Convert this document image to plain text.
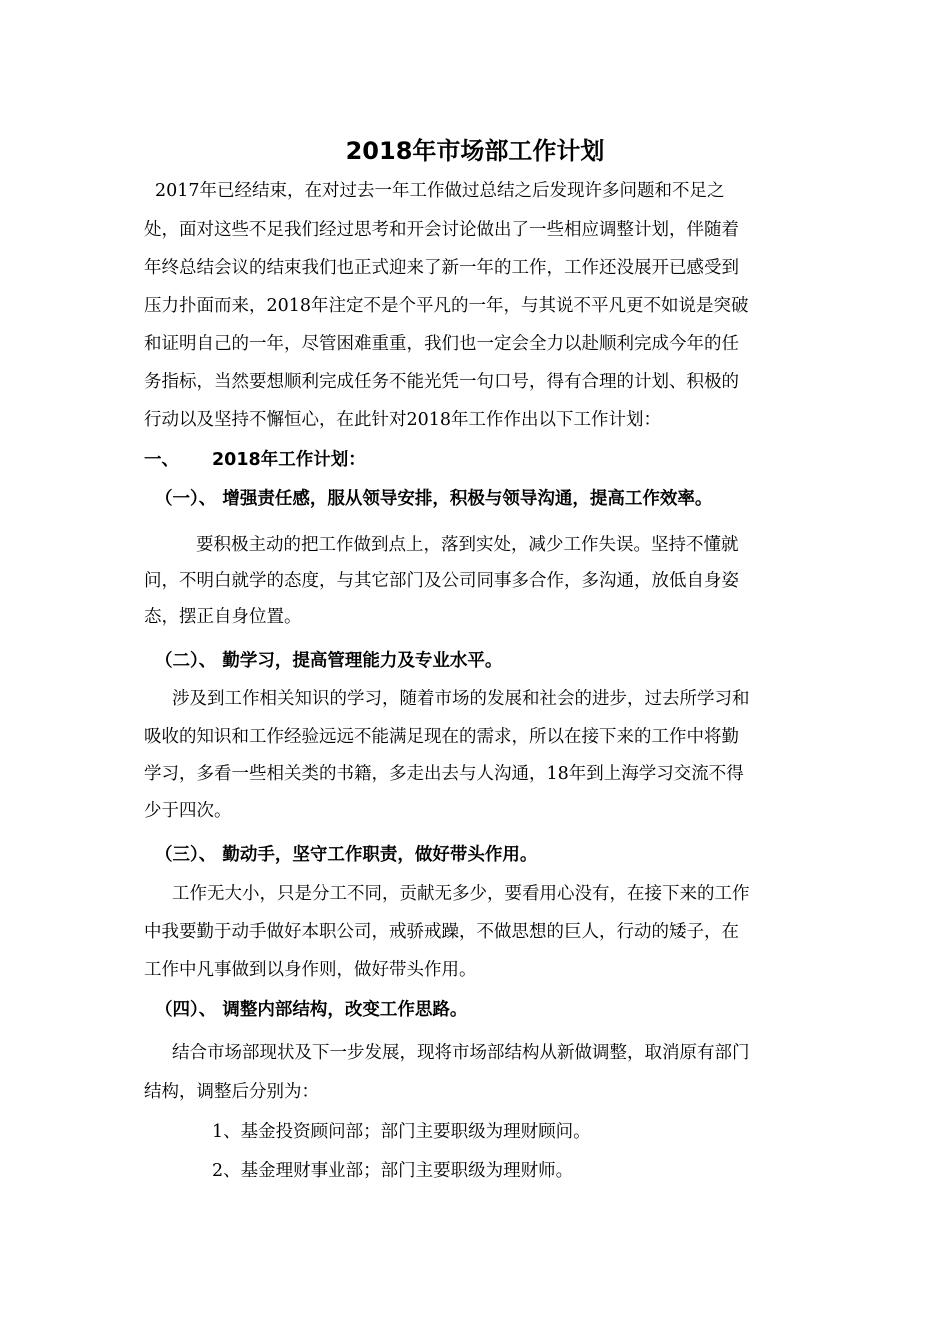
2018年市场部工作计划
2017年已经结束，在对过去一年工作做过总结之后发现许多问题和不足之
处，面对这些不足我们经过思考和开会讨论做出了一些相应调整计划，伴随着
年终总结会议的结束我们也正式迎来了新一年的工作，工作还没展开已感受到
压力扑面而来，2018年注定不是个平凡的一年，与其说不平凡更不如说是突破
和证明自己的一年，尽管困难重重，我们也一定会全力以赴顺利完成今年的任
务指标，当然要想顺利完成任务不能光凭一句口号，得有合理的计划、积极的
行动以及坚持不懈恒心，在此针对2018年工作作出以下工作计划：
一、 2018年工作计划：
（一）、 增强责任感，服从领导安排，积极与领导沟通，提高工作效率。
要积极主动的把工作做到点上，落到实处，减少工作失误。坚持不懂就
问，不明白就学的态度，与其它部门及公司同事多合作，多沟通，放低自身姿
态，摆正自身位置。
（二）、 勤学习，提高管理能力及专业水平。
涉及到工作相关知识的学习，随着市场的发展和社会的进步，过去所学习和
吸收的知识和工作经验远远不能满足现在的需求，所以在接下来的工作中将勤
学习，多看一些相关类的书籍，多走出去与人沟通，18年到上海学习交流不得
少于四次。
（三）、 勤动手，坚守工作职责，做好带头作用。
工作无大小，只是分工不同，贡献无多少，要看用心没有，在接下来的工作
中我要勤于动手做好本职公司，戒骄戒躁，不做思想的巨人，行动的矮子，在
工作中凡事做到以身作则，做好带头作用。
（四）、 调整内部结构，改变工作思路。
结合市场部现状及下一步发展，现将市场部结构从新做调整，取消原有部门
结构，调整后分别为：
1、基金投资顾问部；部门主要职级为理财顾问。
2、基金理财事业部；部门主要职级为理财师。
